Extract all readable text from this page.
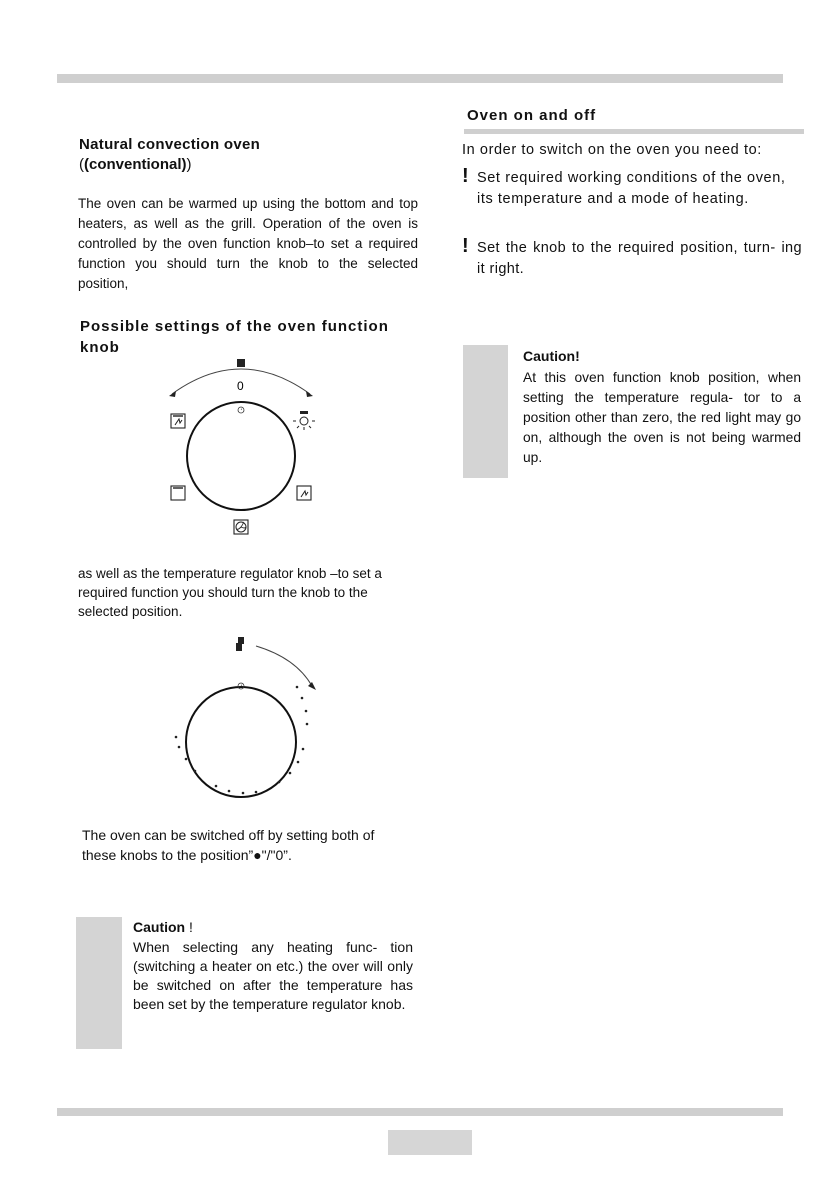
Natural convection oven
((conventional))
The oven can be warmed up using the bottom and top heaters, as well as the grill. Operation of the oven is controlled by the oven function knob–to set a required function you should turn the knob to the selected position,
Possible settings of the oven function knob
0
as well as the temperature regulator knob –to set a required function you should turn the knob to the selected position.
The oven can be switched off by setting both of these knobs to the position”●"/"0”.
Caution !
When selecting any heating func- tion (switching a heater on etc.) the over will only be switched on after the temperature has been set by the temperature regulator knob.
Oven on and off
In order to switch on the oven you need to:
! Set required working conditions of the oven, its temperature and a mode of heating.
! Set the knob to the required position, turn- ing it right.
Caution!
At this oven function knob position, when setting the temperature regula- tor to a position other than zero, the red light may go on, although the oven is not being warmed up.
